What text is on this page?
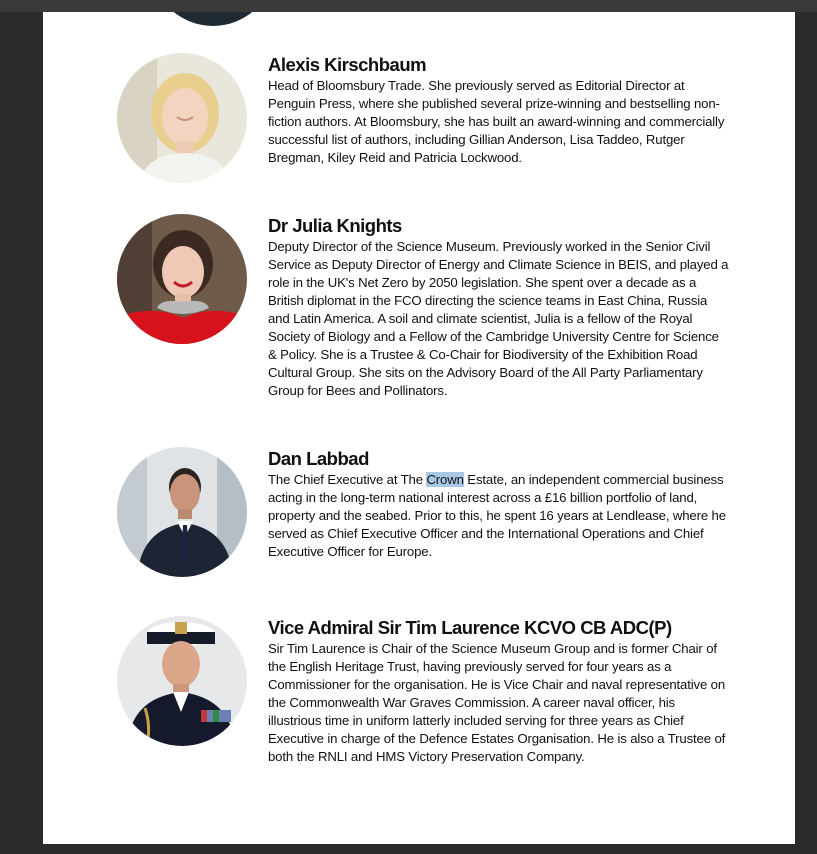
Alexis Kirschbaum

Head of Bloomsbury Trade. She previously served as Editorial Director at Penguin Press, where she published several prize-winning and bestselling non-fiction authors. At Bloomsbury, she has built an award-winning and commercially successful list of authors, including Gillian Anderson, Lisa Taddeo, Rutger Bregman, Kiley Reid and Patricia Lockwood.

Dr Julia Knights

Deputy Director of the Science Museum. Previously worked in the Senior Civil Service as Deputy Director of Energy and Climate Science in BEIS, and played a role in the UK's Net Zero by 2050 legislation. She spent over a decade as a British diplomat in the FCO directing the science teams in East China, Russia and Latin America. A soil and climate scientist, Julia is a fellow of the Royal Society of Biology and a Fellow of the Cambridge University Centre for Science & Policy. She is a Trustee & Co-Chair for Biodiversity of the Exhibition Road Cultural Group. She sits on the Advisory Board of the All Party Parliamentary Group for Bees and Pollinators.

Dan Labbad

The Chief Executive at The Crown Estate, an independent commercial business acting in the long-term national interest across a £16 billion portfolio of land, property and the seabed. Prior to this, he spent 16 years at Lendlease, where he served as Chief Executive Officer and the International Operations and Chief Executive Officer for Europe.

Vice Admiral Sir Tim Laurence KCVO CB ADC(P)

Sir Tim Laurence is Chair of the Science Museum Group and is former Chair of the English Heritage Trust, having previously served for four years as a Commissioner for the organisation. He is Vice Chair and naval representative on the Commonwealth War Graves Commission. A career naval officer, his illustrious time in uniform latterly included serving for three years as Chief Executive in charge of the Defence Estates Organisation. He is also a Trustee of both the RNLI and HMS Victory Preservation Company.
